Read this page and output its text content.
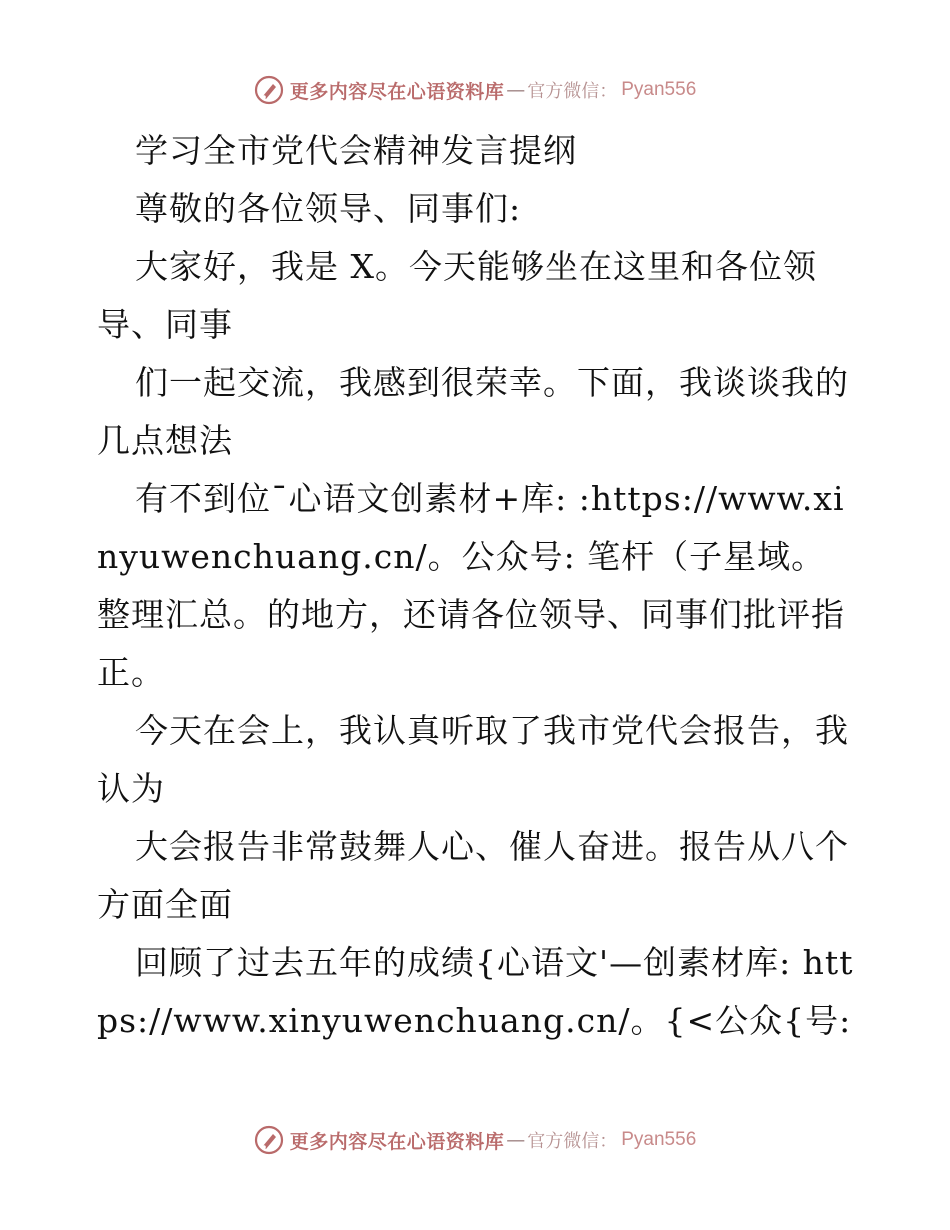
更多内容尽在心语资料库 — 官方微信： Pyan556

学习全市党代会精神发言提纲

尊敬的各位领导、同事们:

大家好，我是 X。今天能够坐在这里和各位领导、同事

们一起交流，我感到很荣幸。下面，我谈谈我的几点想法

有不到位¯心语文创素材+库: :https://www.xinyuwenchuang.cn/。公众号: 笔杆（子星域。整理汇总。的地方，还请各位领导、同事们批评指正。

今天在会上，我认真听取了我市党代会报告，我认为

大会报告非常鼓舞人心、催人奋进。报告从八个方面全面

回顾了过去五年的成绩{心语文'—创素材库: https://www.xinyuwenchuang.cn/。{<公众{号:

更多内容尽在心语资料库 — 官方微信： Pyan556
